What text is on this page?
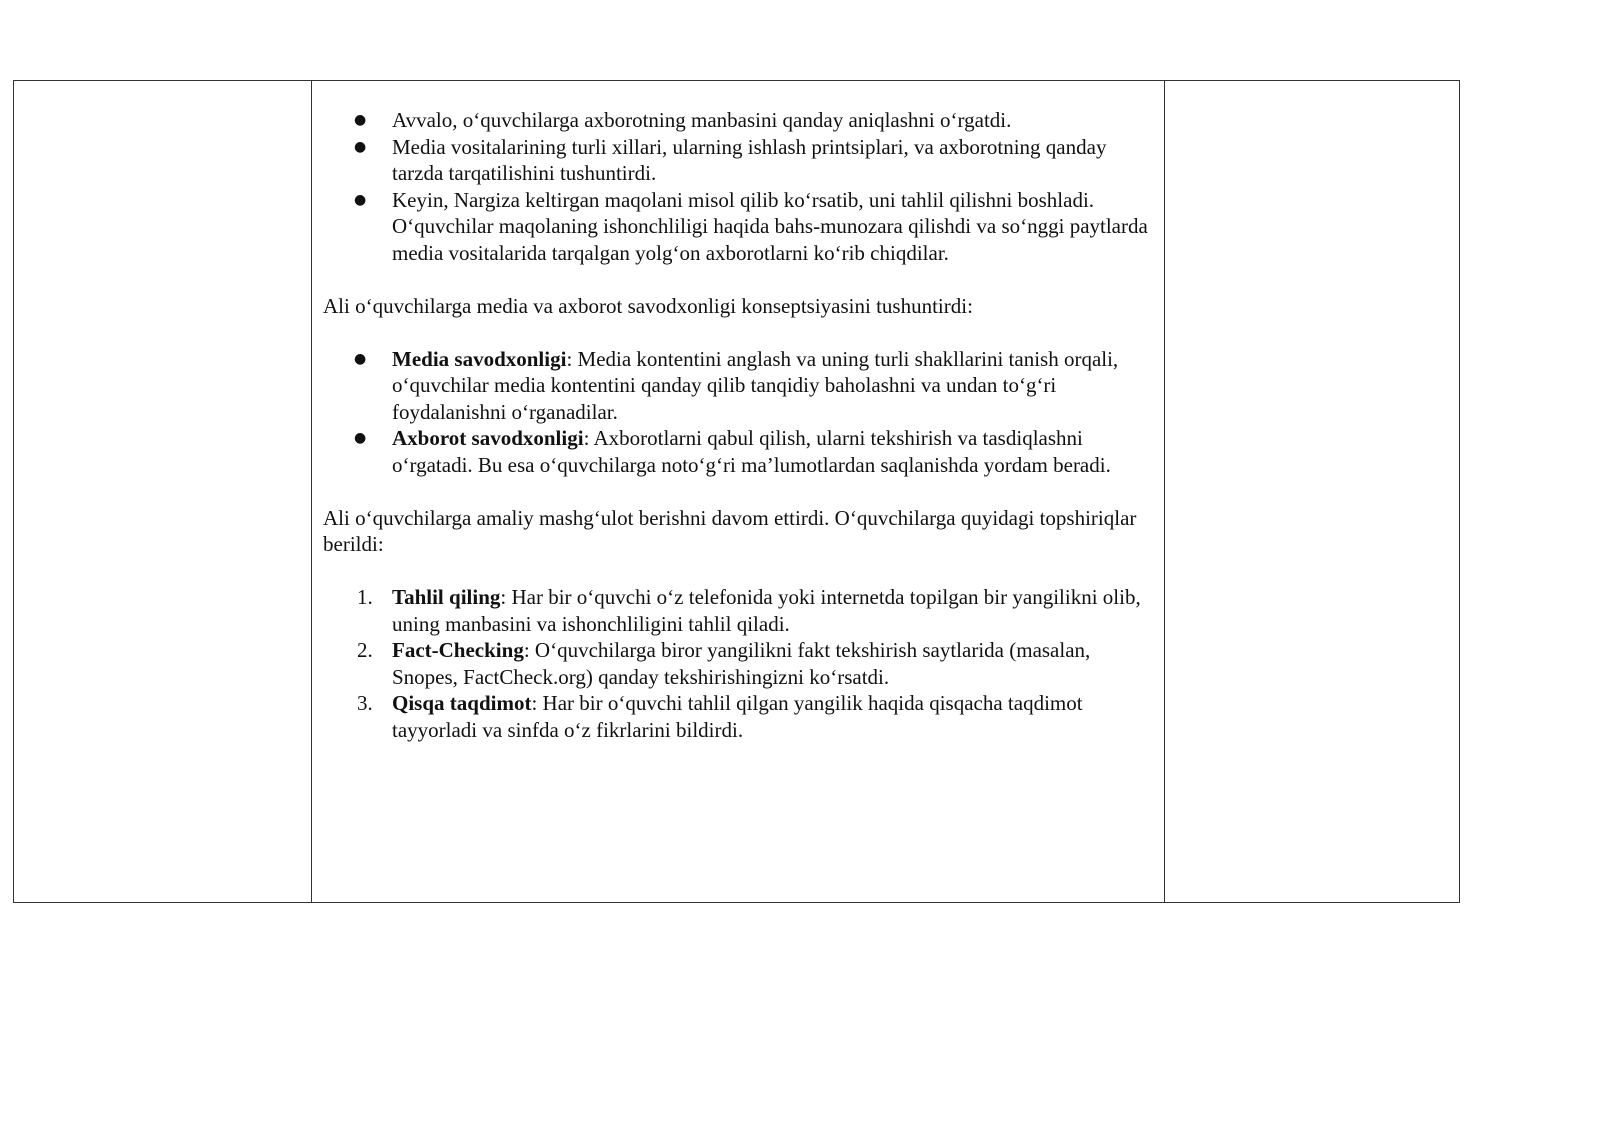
● Avvalo, o‘quvchilarga axborotning manbasini qanday aniqlashni o‘rgatdi.
● Media vositalarining turli xillari, ularning ishlash printsiplari, va axborotning qanday tarzda tarqatilishini tushuntirdi.
● Keyin, Nargiza keltirgan maqolani misol qilib ko‘rsatib, uni tahlil qilishni boshladi. O‘quvchilar maqolaning ishonchliligi haqida bahs-munozara qilishdi va so‘nggi paytlarda media vositalarida tarqalgan yolg‘on axborotlarni ko‘rib chiqdilar.

Ali o‘quvchilarga media va axborot savodxonligi konseptsiyasini tushuntirdi:

● Media savodxonligi: Media kontentini anglash va uning turli shakllarini tanish orqali, o‘quvchilar media kontentini qanday qilib tanqidiy baholashni va undan to‘g‘ri foydalanishni o‘rganadilar.
● Axborot savodxonligi: Axborotlarni qabul qilish, ularni tekshirish va tasdiqlashni o‘rgatadi. Bu esa o‘quvchilarga noto‘g‘ri ma’lumotlardan saqlanishda yordam beradi.

Ali o‘quvchilarga amaliy mashg‘ulot berishni davom ettirdi. O‘quvchilarga quyidagi topshiriqlar berildi:

1. Tahlil qiling: Har bir o‘quvchi o‘z telefonida yoki internetda topilgan bir yangilikni olib, uning manbasini va ishonchliligini tahlil qiladi.
2. Fact-Checking: O‘quvchilarga biror yangilikni fakt tekshirish saytlarida (masalan, Snopes, FactCheck.org) qanday tekshirishingizni ko‘rsatdi.
3. Qisqa taqdimot: Har bir o‘quvchi tahlil qilgan yangilik haqida qisqacha taqdimot tayyorladi va sinfda o‘z fikrlarini bildirdi.
